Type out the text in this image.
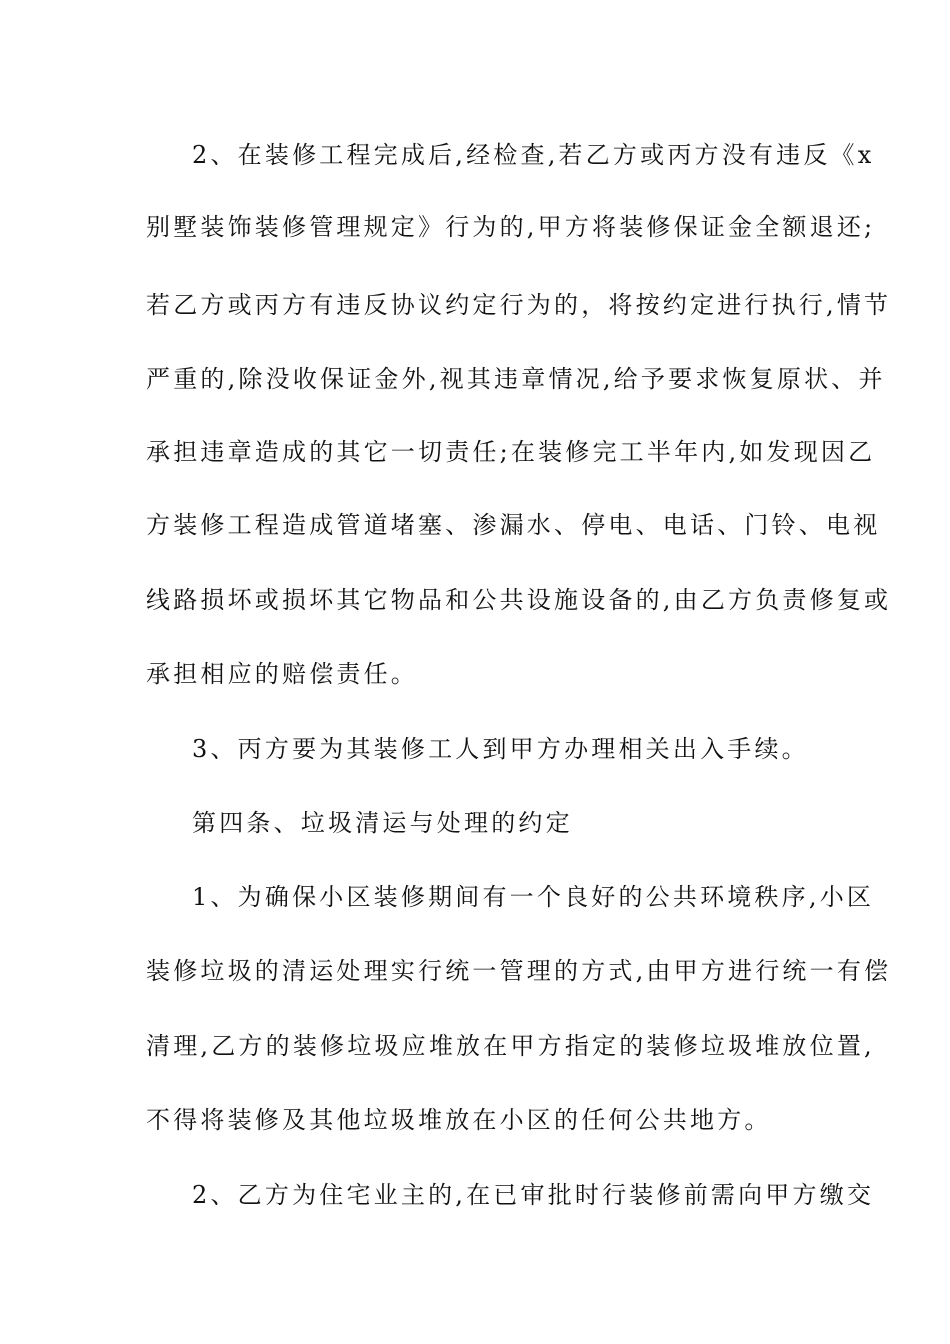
2、在装修工程完成后,经检查,若乙方或丙方没有违反《x
别墅装饰装修管理规定》行为的,甲方将装修保证金全额退还;
若乙方或丙方有违反协议约定行为的，将按约定进行执行,情节
严重的,除没收保证金外,视其违章情况,给予要求恢复原状、并
承担违章造成的其它一切责任;在装修完工半年内,如发现因乙
方装修工程造成管道堵塞、渗漏水、停电、电话、门铃、电视
线路损坏或损坏其它物品和公共设施设备的,由乙方负责修复或
承担相应的赔偿责任。
3、丙方要为其装修工人到甲方办理相关出入手续。
第四条、垃圾清运与处理的约定
1、为确保小区装修期间有一个良好的公共环境秩序,小区
装修垃圾的清运处理实行统一管理的方式,由甲方进行统一有偿
清理,乙方的装修垃圾应堆放在甲方指定的装修垃圾堆放位置,
不得将装修及其他垃圾堆放在小区的任何公共地方。
2、乙方为住宅业主的,在已审批时行装修前需向甲方缴交
